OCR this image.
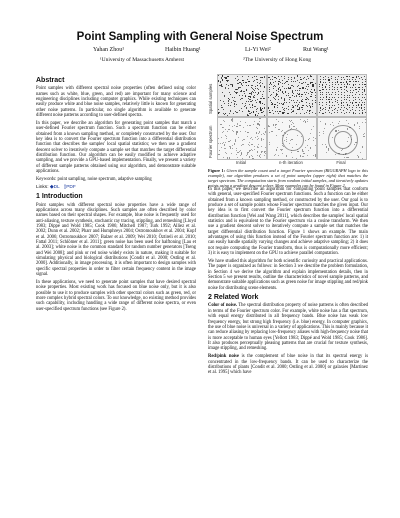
Point Sampling with General Noise Spectrum
Yahan Zhou¹	Haibin Huang¹	Li-Yi Wei²	Rui Wang¹
¹University of Massachusetts Amherst	²The University of Hong Kong
Abstract

Point samples with different spectral noise properties (often defined using color names such as white, blue, green, and red) are important for many science and engineering disciplines including computer graphics. While existing techniques can easily produce white and blue noise samples, relatively little is known for generating other noise patterns. In particular, no single algorithm is available to generate different noise patterns according to user-defined spectra.

In this paper, we describe an algorithm for generating point samples that match a user-defined Fourier spectrum function. Such a spectrum function can be either obtained from a known sampling method, or completely constructed by the user. Our key idea is to convert the Fourier spectrum function into a differential distribution function that describes the samples' local spatial statistics; we then use a gradient descent solver to iteratively compute a sample set that matches the target differential distribution function. Our algorithm can be easily modified to achieve adaptive sampling, and we provide a GPU-based implementation. Finally, we present a variety of different sample patterns obtained using our algorithm, and demonstrate suitable applications.

Keywords: point sampling, noise spectrum, adaptive sampling

Links: ◆DL ▯PDF
1 Introduction

Point samples with different spectral noise properties have a wide range of applications across many disciplines. Such samples are often described by color names based on their spectral shapes. For example, blue noise is frequently used for anti-aliasing, texture synthesis, stochastic ray tracing, stippling, and remeshing [Lloyd 1983; Dippé and Wold 1985; Cook 1986; Mitchell 1987; Turk 1992; Alliez et al. 2002; Dunn et al. 2002; Pharr and Humphreys 2004; Ostromoukhov et al. 2004; Kopf et al. 2006; Ostromoukhov 2007; Balzer et al. 2009; Wei 2010; Öztireli et al. 2010; Fattal 2011; Schlömer et al. 2011]; green noise has been used for halftoning [Lau et al. 2003]; white noise is the common standard for random number generators [Tseng and Wei 2008]; and pink or red noise widely exists in nature, making it suitable for simulating physical and biological distributions [Condit et al. 2000; Ostling et al. 2000]. Additionally, in image processing, it is often important to design samples with specific spectral properties in order to filter certain frequency content in the image signal.

In these applications, we need to generate point samples that have desired spectral noise properties. Most existing work has focused on blue noise only, but it is also possible to use it to produce samples with other spectral colors such as green, red, or more complex hybrid spectral colors. To our knowledge, no existing method provides such capability, including handling a wide range of different noise spectra, or even user-specified spectrum functions (see Figure 2).

Spatial samples
Fourier spectrum
Initial	n-th iteration	Final
Figure 1: Given the sample count and a target Fourier spectrum (BIGGRAPH logo in this example), our algorithm produces a set of point samples (upper right) that matches the target spectrum. The computation starts from random initial samples, and iteratively updates points using a gradient descent solver. More examples can be found in Figure 2.

In this paper, we describe an algorithm for computing point samples that conform with general, user-specified Fourier spectrum functions. Such a function can be either obtained from a known sampling method, or constructed by the user. Our goal is to produce a set of sample points whose Fourier spectrum matches the given input. Our key idea is to first convert the Fourier spectrum function into a differential distribution function [Wei and Wang 2011], which describes the samples' local spatial statistics and is equivalent to the Fourier spectrum via a cosine transform. We then use a gradient descent solver to iteratively compute a sample set that matches the target differential distribution function. Figure 1 shows an example. The main advantages of using this function instead of the Fourier spectrum function are: 1) it can easily handle spatially varying changes and achieve adaptive sampling; 2) it does not require computing the Fourier transform, thus is computationally more efficient; 3) it is easy to implement on the GPU to achieve parallel computation.

We have studied this algorithm for both scientific curiosity and practical applications. The paper is organized as follows: in Section 3 we describe the problem formulation, in Section 4 we derive the algorithm and explain implementation details, then in Section 5 we present results, outline the characteristics of novel sample patterns, and demonstrate suitable applications such as green noise for image stippling and red/pink noise for distributing scene elements.

2 Related Work

Color of noise. The spectral distribution property of noise patterns is often described in terms of the Fourier spectrum color. For example, white noise has a flat spectrum, with equal energy distributed in all frequency bands. Blue noise has weak low frequency energy, but strong high frequency (i.e. blue) energy. In computer graphics, the use of blue noise is universal in a variety of applications. This is mainly because it can reduce aliasing by replacing low-frequency aliases with high-frequency noise that is more acceptable to human eyes [Yellott 1983; Dippé and Wold 1985; Cook 1986]. It also produces perceptually pleasing patterns that are crucial for texture synthesis, image stippling, and remeshing.

Red/pink noise is the complement of blue noise in that its spectral energy is concentrated in the low-frequency bands. It can be used to characterize the distributions of plants [Condit et al. 2000; Ostling et al. 2000] or galaxies [Martinez et al. 1995] which have
